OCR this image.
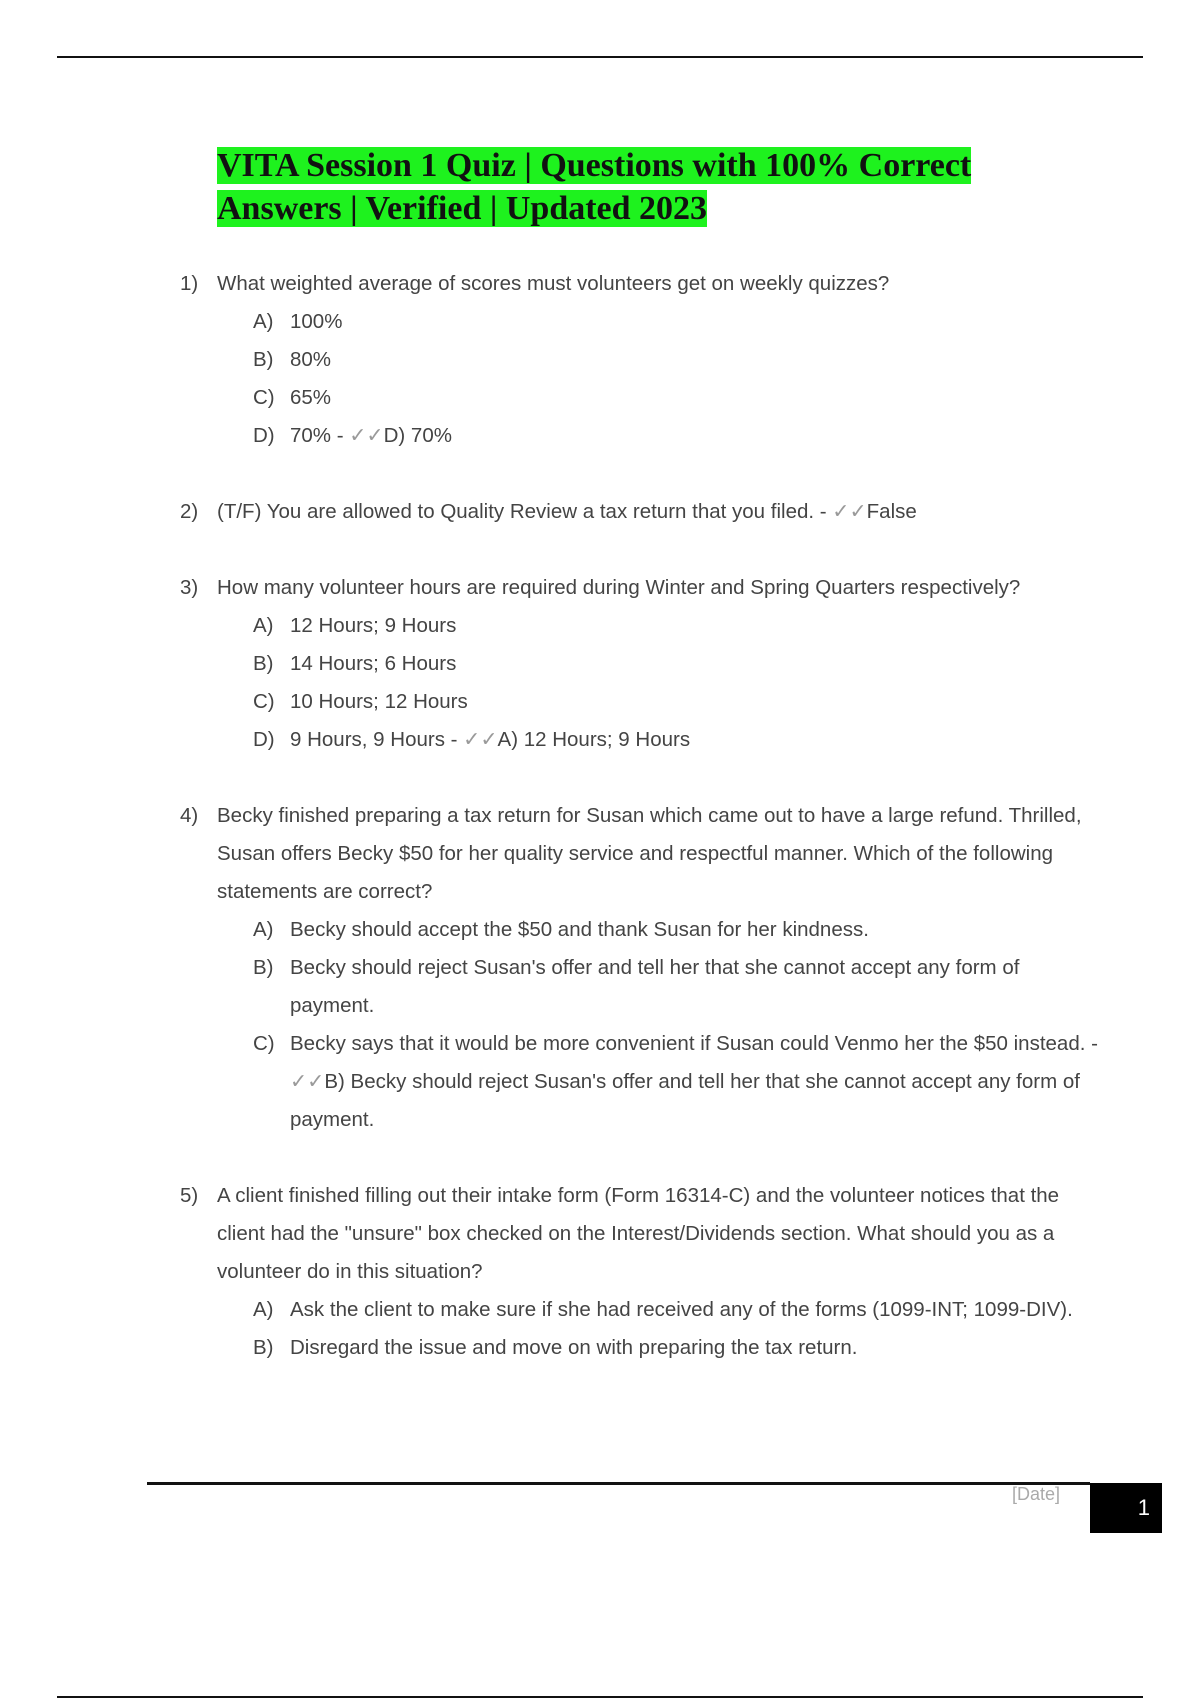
VITA Session 1 Quiz | Questions with 100% Correct Answers | Verified | Updated 2023
1) What weighted average of scores must volunteers get on weekly quizzes?
A) 100%
B) 80%
C) 65%
D) 70% - ✓✓D) 70%
2) (T/F) You are allowed to Quality Review a tax return that you filed. - ✓✓False
3) How many volunteer hours are required during Winter and Spring Quarters respectively?
A) 12 Hours; 9 Hours
B) 14 Hours; 6 Hours
C) 10 Hours; 12 Hours
D) 9 Hours, 9 Hours - ✓✓A) 12 Hours; 9 Hours
4) Becky finished preparing a tax return for Susan which came out to have a large refund. Thrilled, Susan offers Becky $50 for her quality service and respectful manner. Which of the following statements are correct?
A) Becky should accept the $50 and thank Susan for her kindness.
B) Becky should reject Susan's offer and tell her that she cannot accept any form of payment.
C) Becky says that it would be more convenient if Susan could Venmo her the $50 instead. - ✓✓B) Becky should reject Susan's offer and tell her that she cannot accept any form of payment.
5) A client finished filling out their intake form (Form 16314-C) and the volunteer notices that the client had the "unsure" box checked on the Interest/Dividends section. What should you as a volunteer do in this situation?
A) Ask the client to make sure if she had received any of the forms (1099-INT; 1099-DIV).
B) Disregard the issue and move on with preparing the tax return.
[Date]
1
